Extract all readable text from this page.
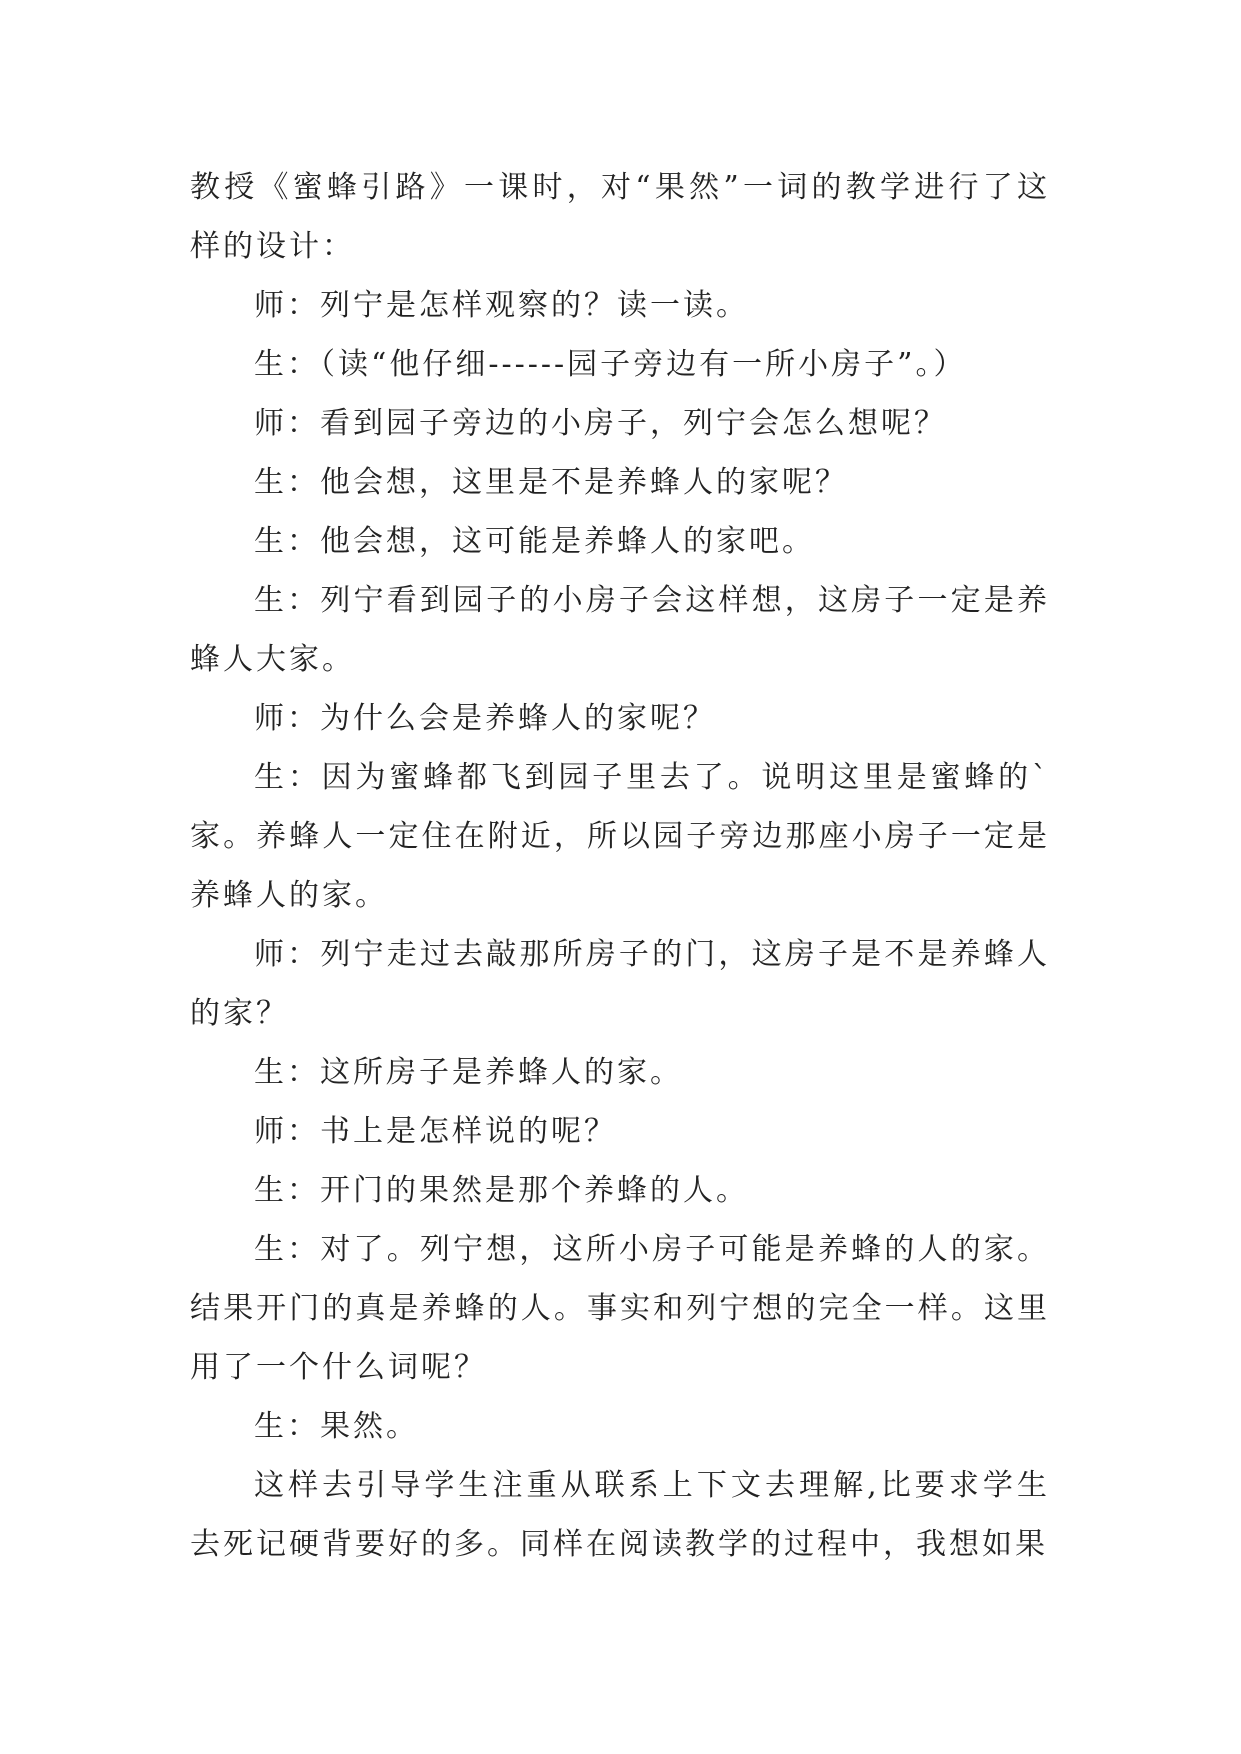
教授《蜜蜂引路》一课时，对“果然”一词的教学进行了这样的设计：

师：列宁是怎样观察的？读一读。

生：（读“他仔细------园子旁边有一所小房子”。）

师：看到园子旁边的小房子，列宁会怎么想呢？

生：他会想，这里是不是养蜂人的家呢？

生：他会想，这可能是养蜂人的家吧。

生：列宁看到园子的小房子会这样想，这房子一定是养蜂人大家。

师：为什么会是养蜂人的家呢？

生：因为蜜蜂都飞到园子里去了。说明这里是蜜蜂的`家。养蜂人一定住在附近，所以园子旁边那座小房子一定是养蜂人的家。

师：列宁走过去敲那所房子的门，这房子是不是养蜂人的家？

生：这所房子是养蜂人的家。

师：书上是怎样说的呢？

生：开门的果然是那个养蜂的人。

生：对了。列宁想，这所小房子可能是养蜂的人的家。结果开门的真是养蜂的人。事实和列宁想的完全一样。这里用了一个什么词呢？

生：果然。

这样去引导学生注重从联系上下文去理解,比要求学生去死记硬背要好的多。同样在阅读教学的过程中，我想如果
